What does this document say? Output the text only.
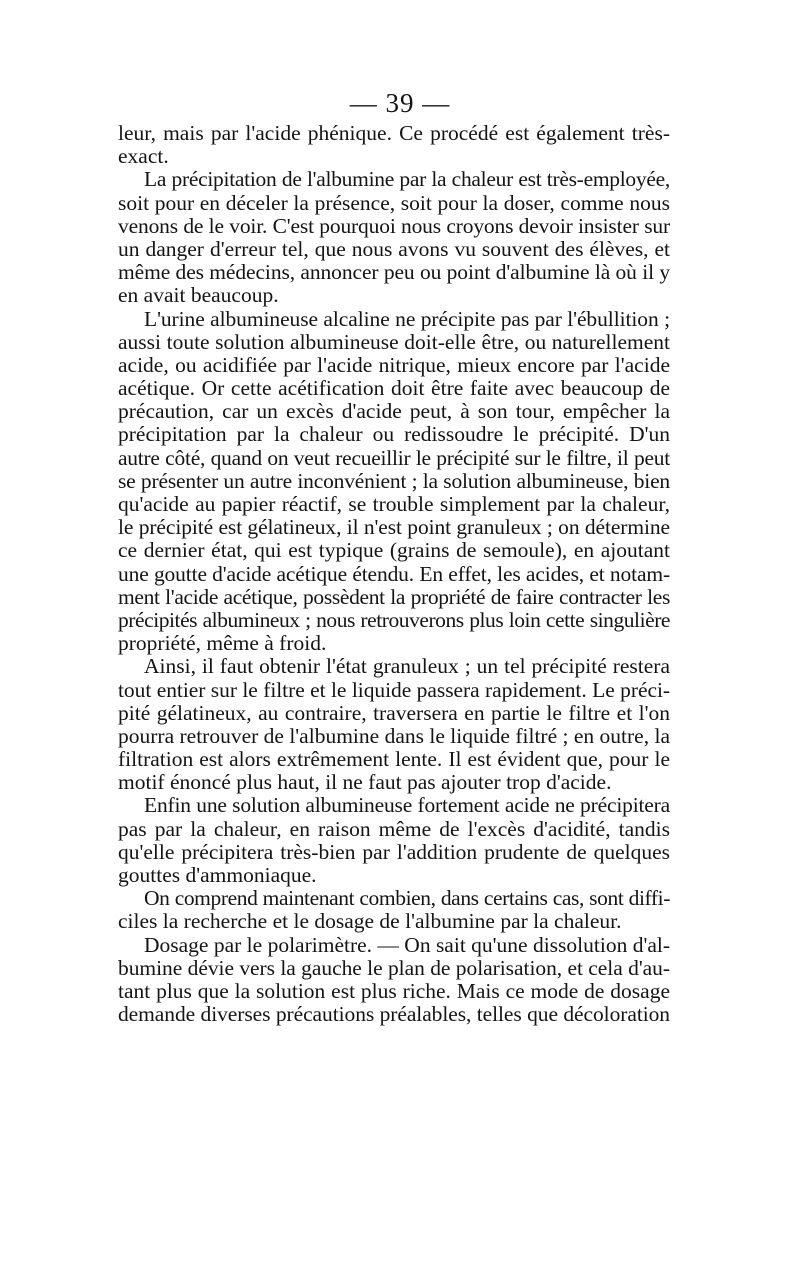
— 39 —
leur, mais par l'acide phénique. Ce procédé est également très-
exact.
La précipitation de l'albumine par la chaleur est très-employée,
soit pour en déceler la présence, soit pour la doser, comme nous
venons de le voir. C'est pourquoi nous croyons devoir insister sur
un danger d'erreur tel, que nous avons vu souvent des élèves, et
même des médecins, annoncer peu ou point d'albumine là où il y
en avait beaucoup.
L'urine albumineuse alcaline ne précipite pas par l'ébullition ;
aussi toute solution albumineuse doit-elle être, ou naturellement
acide, ou acidifiée par l'acide nitrique, mieux encore par l'acide
acétique. Or cette acétification doit être faite avec beaucoup de
précaution, car un excès d'acide peut, à son tour, empêcher la
précipitation par la chaleur ou redissoudre le précipité. D'un
autre côté, quand on veut recueillir le précipité sur le filtre, il peut
se présenter un autre inconvénient ; la solution albumineuse, bien
qu'acide au papier réactif, se trouble simplement par la chaleur,
le précipité est gélatineux, il n'est point granuleux ; on détermine
ce dernier état, qui est typique (grains de semoule), en ajoutant
une goutte d'acide acétique étendu. En effet, les acides, et notam-
ment l'acide acétique, possèdent la propriété de faire contracter les
précipités albumineux ; nous retrouverons plus loin cette singulière
propriété, même à froid.
Ainsi, il faut obtenir l'état granuleux ; un tel précipité restera
tout entier sur le filtre et le liquide passera rapidement. Le préci-
pité gélatineux, au contraire, traversera en partie le filtre et l'on
pourra retrouver de l'albumine dans le liquide filtré ; en outre, la
filtration est alors extrêmement lente. Il est évident que, pour le
motif énoncé plus haut, il ne faut pas ajouter trop d'acide.
Enfin une solution albumineuse fortement acide ne précipitera
pas par la chaleur, en raison même de l'excès d'acidité, tandis
qu'elle précipitera très-bien par l'addition prudente de quelques
gouttes d'ammoniaque.
On comprend maintenant combien, dans certains cas, sont diffi-
ciles la recherche et le dosage de l'albumine par la chaleur.
Dosage par le polarimètre. — On sait qu'une dissolution d'al-
bumine dévie vers la gauche le plan de polarisation, et cela d'au-
tant plus que la solution est plus riche. Mais ce mode de dosage
demande diverses précautions préalables, telles que décoloration
